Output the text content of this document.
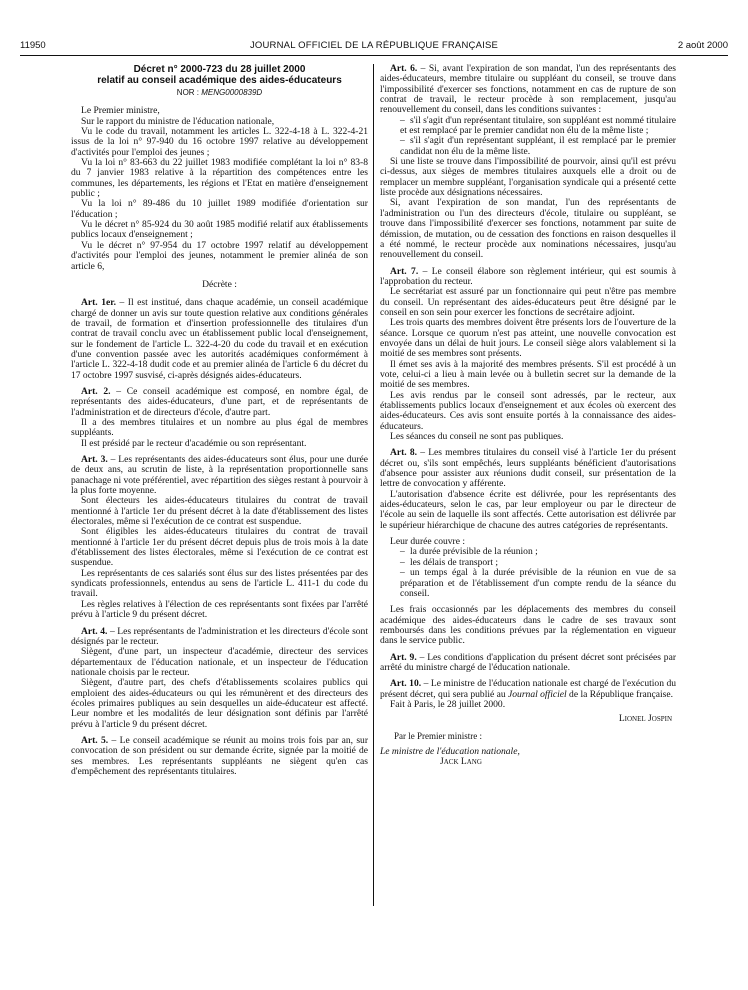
11950	JOURNAL OFFICIEL DE LA RÉPUBLIQUE FRANÇAISE	2 août 2000
Décret n° 2000-723 du 28 juillet 2000
relatif au conseil académique des aides-éducateurs
NOR : MENG0000839D

Le Premier ministre,

Sur le rapport du ministre de l'éducation nationale,

Vu le code du travail, notamment les articles L. 322-4-18 à L. 322-4-21 issus de la loi n° 97-940 du 16 octobre 1997 relative au développement d'activités pour l'emploi des jeunes ;

Vu la loi n° 83-663 du 22 juillet 1983 modifiée complétant la loi n° 83-8 du 7 janvier 1983 relative à la répartition des compétences entre les communes, les départements, les régions et l'Etat en matière d'enseignement public ;

Vu la loi n° 89-486 du 10 juillet 1989 modifiée d'orientation sur l'éducation ;

Vu le décret n° 85-924 du 30 août 1985 modifié relatif aux établissements publics locaux d'enseignement ;

Vu le décret n° 97-954 du 17 octobre 1997 relatif au développement d'activités pour l'emploi des jeunes, notamment le premier alinéa de son article 6,

Décrète :

Art. 1er. – Il est institué, dans chaque académie, un conseil académique chargé de donner un avis sur toute question relative aux conditions générales de travail, de formation et d'insertion professionnelle des titulaires d'un contrat de travail conclu avec un établissement public local d'enseignement, sur le fondement de l'article L. 322-4-20 du code du travail et en exécution d'une convention passée avec les autorités académiques conformément à l'article L. 322-4-18 dudit code et au premier alinéa de l'article 6 du décret du 17 octobre 1997 susvisé, ci-après désignés aides-éducateurs.

Art. 2. – Ce conseil académique est composé, en nombre égal, de représentants des aides-éducateurs, d'une part, et de représentants de l'administration et de directeurs d'école, d'autre part.

Il a des membres titulaires et un nombre au plus égal de membres suppléants.

Il est présidé par le recteur d'académie ou son représentant.

Art. 3. – Les représentants des aides-éducateurs sont élus, pour une durée de deux ans, au scrutin de liste, à la représentation proportionnelle sans panachage ni vote préférentiel, avec répartition des sièges restant à pourvoir à la plus forte moyenne.

Sont électeurs les aides-éducateurs titulaires du contrat de travail mentionné à l'article 1er du présent décret à la date d'établissement des listes électorales, même si l'exécution de ce contrat est suspendue.

Sont éligibles les aides-éducateurs titulaires du contrat de travail mentionné à l'article 1er du présent décret depuis plus de trois mois à la date d'établissement des listes électorales, même si l'exécution de ce contrat est suspendue.

Les représentants de ces salariés sont élus sur des listes présentées par des syndicats professionnels, entendus au sens de l'article L. 411-1 du code du travail.

Les règles relatives à l'élection de ces représentants sont fixées par l'arrêté prévu à l'article 9 du présent décret.

Art. 4. – Les représentants de l'administration et les directeurs d'école sont désignés par le recteur.

Siègent, d'une part, un inspecteur d'académie, directeur des services départementaux de l'éducation nationale, et un inspecteur de l'éducation nationale choisis par le recteur.

Siègent, d'autre part, des chefs d'établissements scolaires publics qui emploient des aides-éducateurs ou qui les rémunèrent et des directeurs des écoles primaires publiques au sein desquelles un aide-éducateur est affecté. Leur nombre et les modalités de leur désignation sont définis par l'arrêté prévu à l'article 9 du présent décret.

Art. 5. – Le conseil académique se réunit au moins trois fois par an, sur convocation de son président ou sur demande écrite, signée par la moitié de ses membres. Les représentants suppléants ne siègent qu'en cas d'empêchement des représentants titulaires.

Art. 6. – Si, avant l'expiration de son mandat, l'un des représentants des aides-éducateurs, membre titulaire ou suppléant du conseil, se trouve dans l'impossibilité d'exercer ses fonctions, notamment en cas de rupture de son contrat de travail, le recteur procède à son remplacement, jusqu'au renouvellement du conseil, dans les conditions suivantes :

– s'il s'agit d'un représentant titulaire, son suppléant est nommé titulaire et est remplacé par le premier candidat non élu de la même liste ;

– s'il s'agit d'un représentant suppléant, il est remplacé par le premier candidat non élu de la même liste.

Si une liste se trouve dans l'impossibilité de pourvoir, ainsi qu'il est prévu ci-dessus, aux sièges de membres titulaires auxquels elle a droit ou de remplacer un membre suppléant, l'organisation syndicale qui a présenté cette liste procède aux désignations nécessaires.

Si, avant l'expiration de son mandat, l'un des représentants de l'administration ou l'un des directeurs d'école, titulaire ou suppléant, se trouve dans l'impossibilité d'exercer ses fonctions, notamment par suite de démission, de mutation, ou de cessation des fonctions en raison desquelles il a été nommé, le recteur procède aux nominations nécessaires, jusqu'au renouvellement du conseil.

Art. 7. – Le conseil élabore son règlement intérieur, qui est soumis à l'approbation du recteur.

Le secrétariat est assuré par un fonctionnaire qui peut n'être pas membre du conseil. Un représentant des aides-éducateurs peut être désigné par le conseil en son sein pour exercer les fonctions de secrétaire adjoint.

Les trois quarts des membres doivent être présents lors de l'ouverture de la séance. Lorsque ce quorum n'est pas atteint, une nouvelle convocation est envoyée dans un délai de huit jours. Le conseil siège alors valablement si la moitié de ses membres sont présents.

Il émet ses avis à la majorité des membres présents. S'il est procédé à un vote, celui-ci a lieu à main levée ou à bulletin secret sur la demande de la moitié de ses membres.

Les avis rendus par le conseil sont adressés, par le recteur, aux établissements publics locaux d'enseignement et aux écoles où exercent des aides-éducateurs. Ces avis sont ensuite portés à la connaissance des aides-éducateurs.

Les séances du conseil ne sont pas publiques.

Art. 8. – Les membres titulaires du conseil visé à l'article 1er du présent décret ou, s'ils sont empêchés, leurs suppléants bénéficient d'autorisations d'absence pour assister aux réunions dudit conseil, sur présentation de la lettre de convocation y afférente.

L'autorisation d'absence écrite est délivrée, pour les représentants des aides-éducateurs, selon le cas, par leur employeur ou par le directeur de l'école au sein de laquelle ils sont affectés. Cette autorisation est délivrée par le supérieur hiérarchique de chacune des autres catégories de représentants.

Leur durée couvre :

– la durée prévisible de la réunion ;

– les délais de transport ;

– un temps égal à la durée prévisible de la réunion en vue de sa préparation et de l'établissement d'un compte rendu de la séance du conseil.

Les frais occasionnés par les déplacements des membres du conseil académique des aides-éducateurs dans le cadre de ses travaux sont remboursés dans les conditions prévues par la réglementation en vigueur dans le service public.

Art. 9. – Les conditions d'application du présent décret sont précisées par arrêté du ministre chargé de l'éducation nationale.

Art. 10. – Le ministre de l'éducation nationale est chargé de l'exécution du présent décret, qui sera publié au Journal officiel de la République française.

Fait à Paris, le 28 juillet 2000.

Lionel Jospin
Par le Premier ministre :
Le ministre de l'éducation nationale,
Jack Lang
